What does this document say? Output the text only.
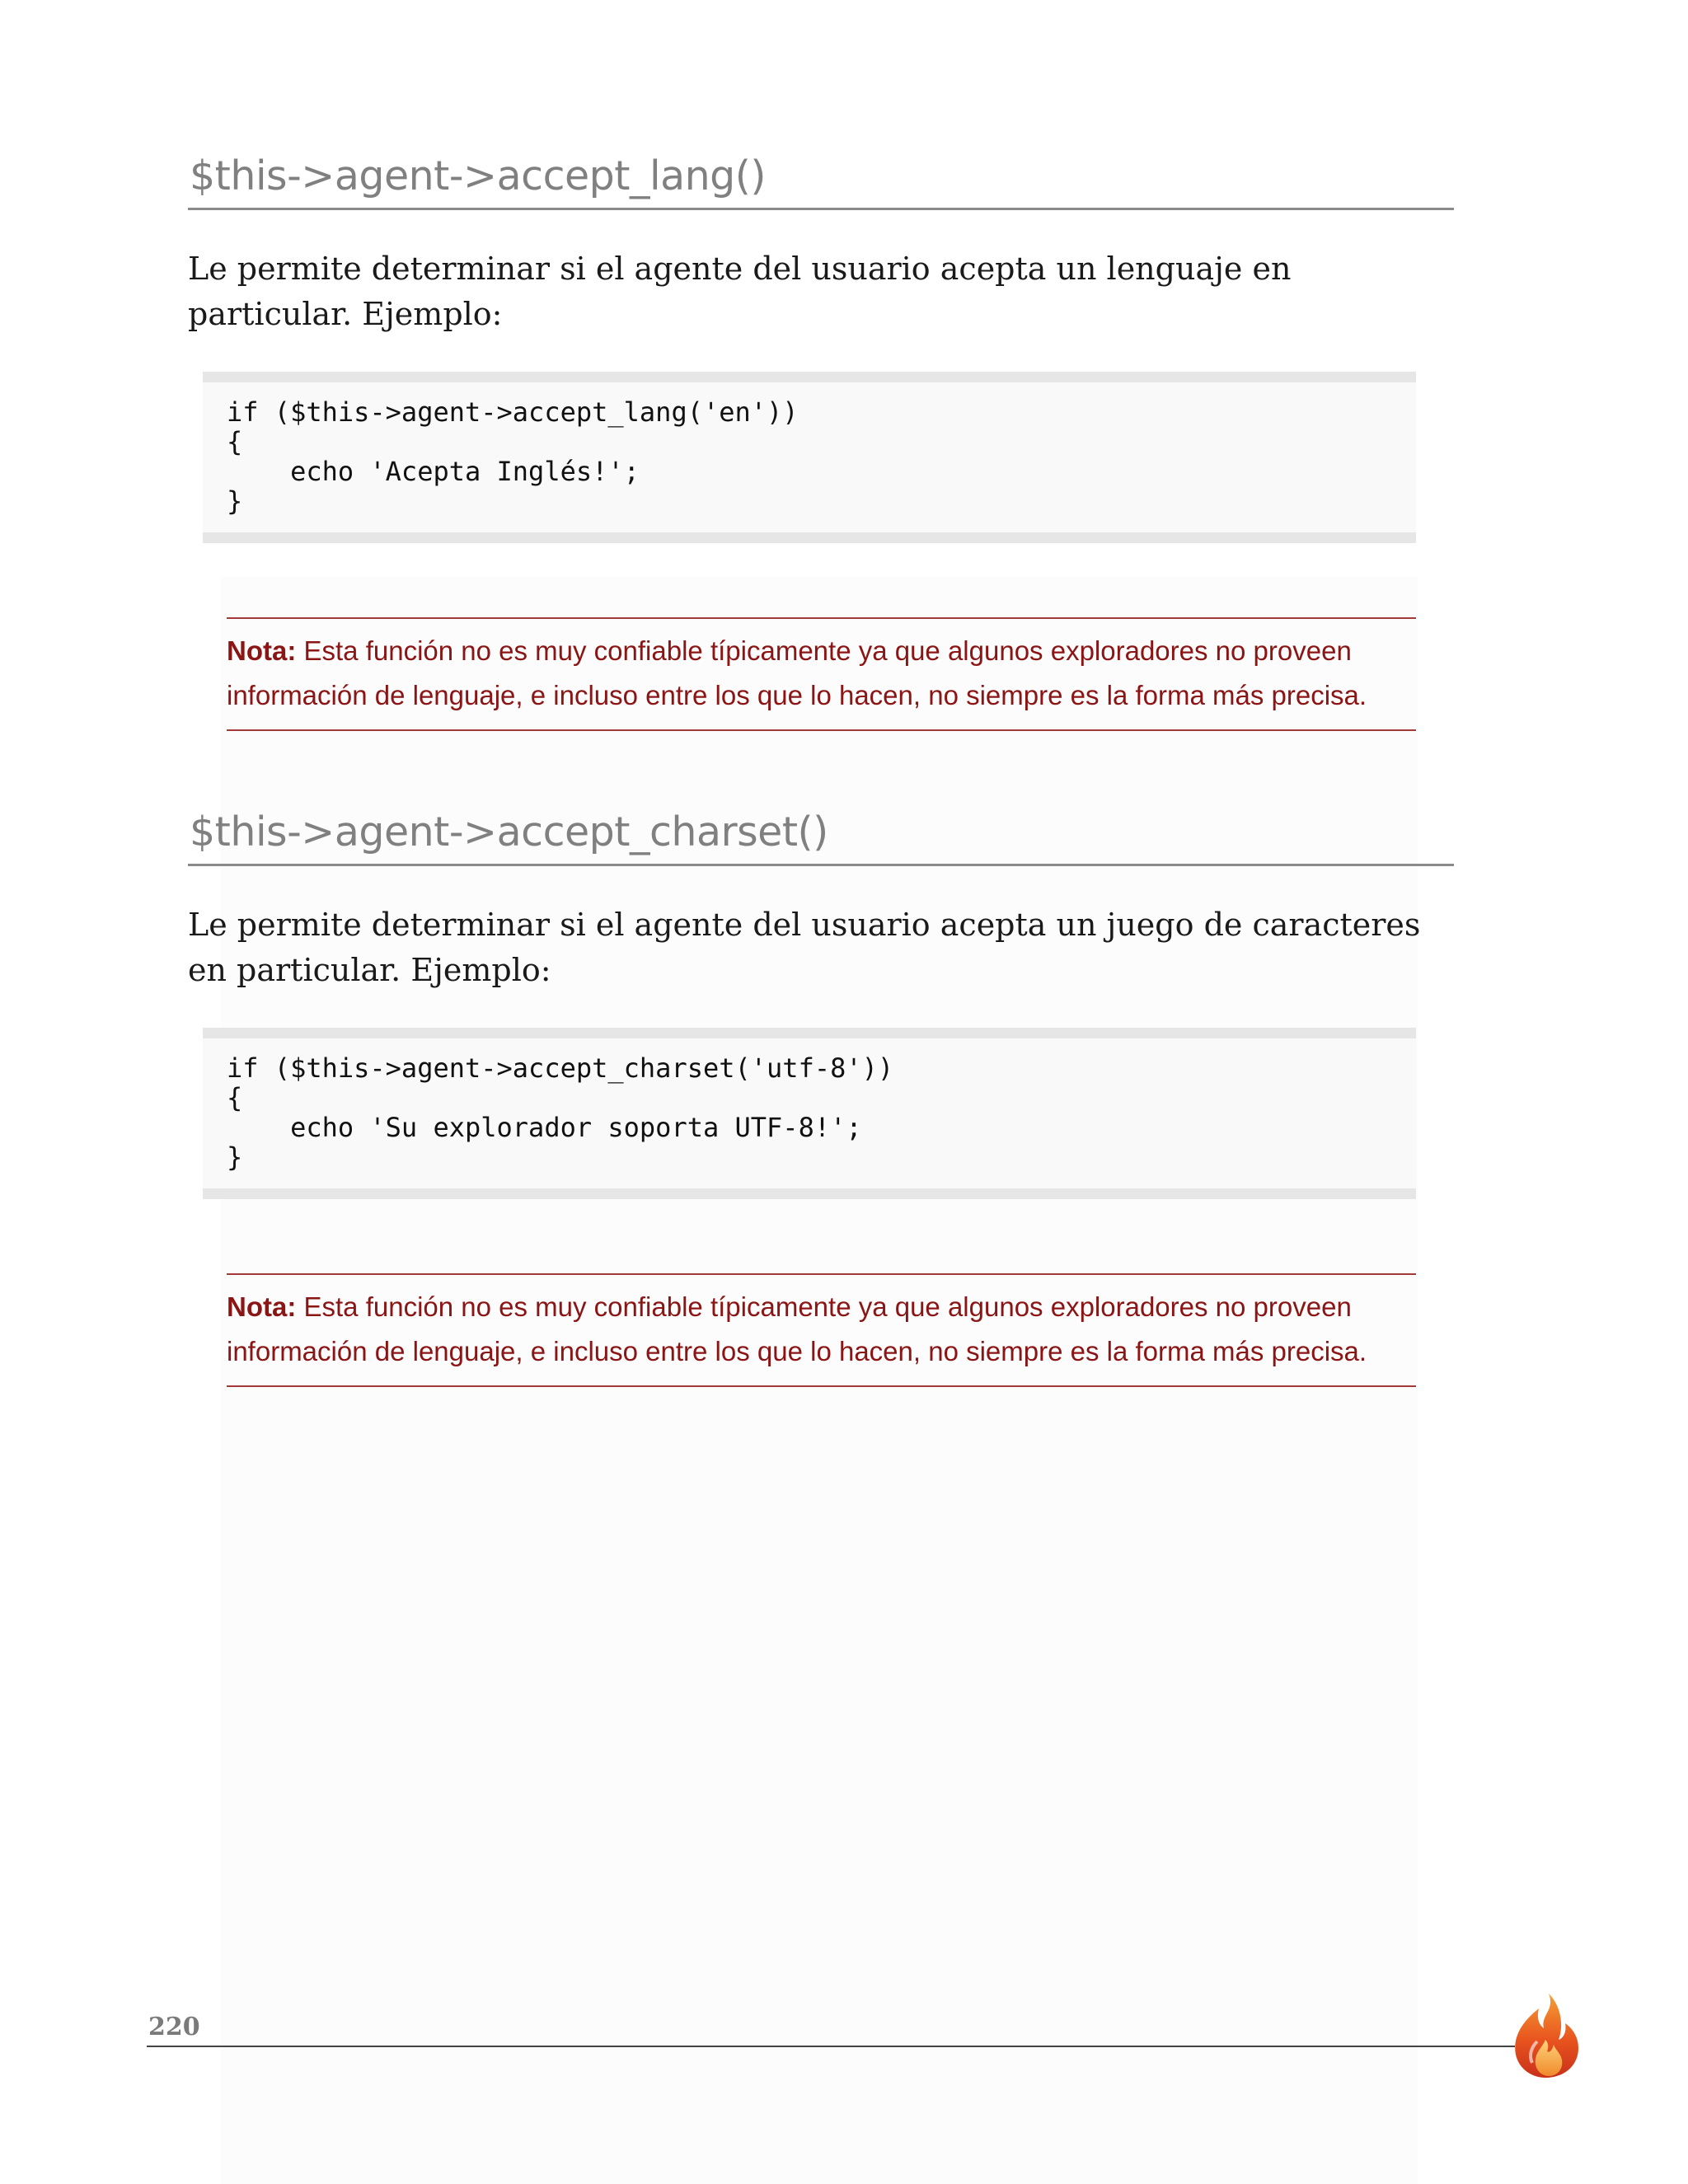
$this->agent->accept_lang()

Le permite determinar si el agente del usuario acepta un lenguaje en particular. Ejemplo:

if ($this->agent->accept_lang('en'))
{
echo 'Acepta Inglés!';
}
Nota: Esta función no es muy confiable típicamente ya que algunos exploradores no proveen información de lenguaje, e incluso entre los que lo hacen, no siempre es la forma más precisa.
$this->agent->accept_charset()

Le permite determinar si el agente del usuario acepta un juego de caracteres en particular. Ejemplo:

if ($this->agent->accept_charset('utf-8'))
{
echo 'Su explorador soporta UTF-8!';
}
Nota: Esta función no es muy confiable típicamente ya que algunos exploradores no proveen información de lenguaje, e incluso entre los que lo hacen, no siempre es la forma más precisa.
220
